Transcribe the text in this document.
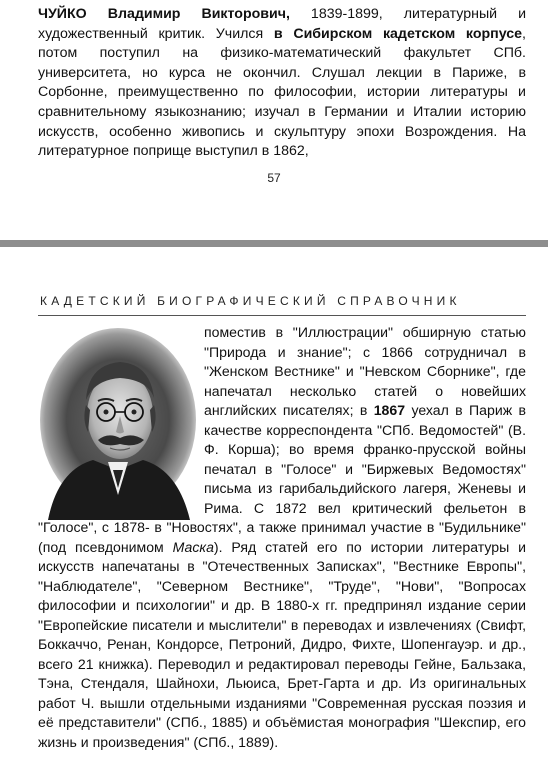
ЧУЙКО Владимир Викторович, 1839-1899, литературный и художественный критик. Учился в Сибирском кадетском корпусе, потом поступил на физико-математический факультет СПб. университета, но курса не окончил. Слушал лекции в Париже, в Сорбонне, преимущественно по философии, истории литературы и сравнительному языкознанию; изучал в Германии и Италии историю искусств, особенно живопись и скульптуру эпохи Возрождения. На литературное поприще выступил в 1862,

57
КАДЕТСКИЙ БИОГРАФИЧЕСКИЙ СПРАВОЧНИК

поместив в "Иллюстрации" обширную статью "Природа и знание"; с 1866 сотрудничал в "Женском Вестнике" и "Невском Сборнике", где напечатал несколько статей о новейших английских писателях; в 1867 уехал в Париж в качестве корреспондента "СПб. Ведомостей" (В. Ф. Корша); во время франко-прусской войны печатал в "Голосе" и "Биржевых Ведомостях" письма из гарибальдийского лагеря, Женевы и Рима. С 1872 вел критический фельетон в "Голосе", с 1878- в "Новостях", а также принимал участие в "Будильнике" (под псевдонимом Маска). Ряд статей его по истории литературы и искусств напечатаны в "Отечественных Записках", "Вестнике Европы", "Наблюдателе", "Северном Вестнике", "Труде", "Нови", "Вопросах философии и психологии" и др. В 1880-х гг. предпринял издание серии "Европейские писатели и мыслители" в переводах и извлечениях (Свифт, Боккаччо, Ренан, Кондорсе, Петроний, Дидро, Фихте, Шопенгауэр. и др., всего 21 книжка). Переводил и редактировал переводы Гейне, Бальзака, Тэна, Стендаля, Шайнохи, Льюиса, Брет-Гарта и др. Из оригинальных работ Ч. вышли отдельными изданиями "Современная русская поэзия и её представители" (СПб., 1885) и объёмистая монография "Шекспир, его жизнь и произведения" (СПб., 1889).
